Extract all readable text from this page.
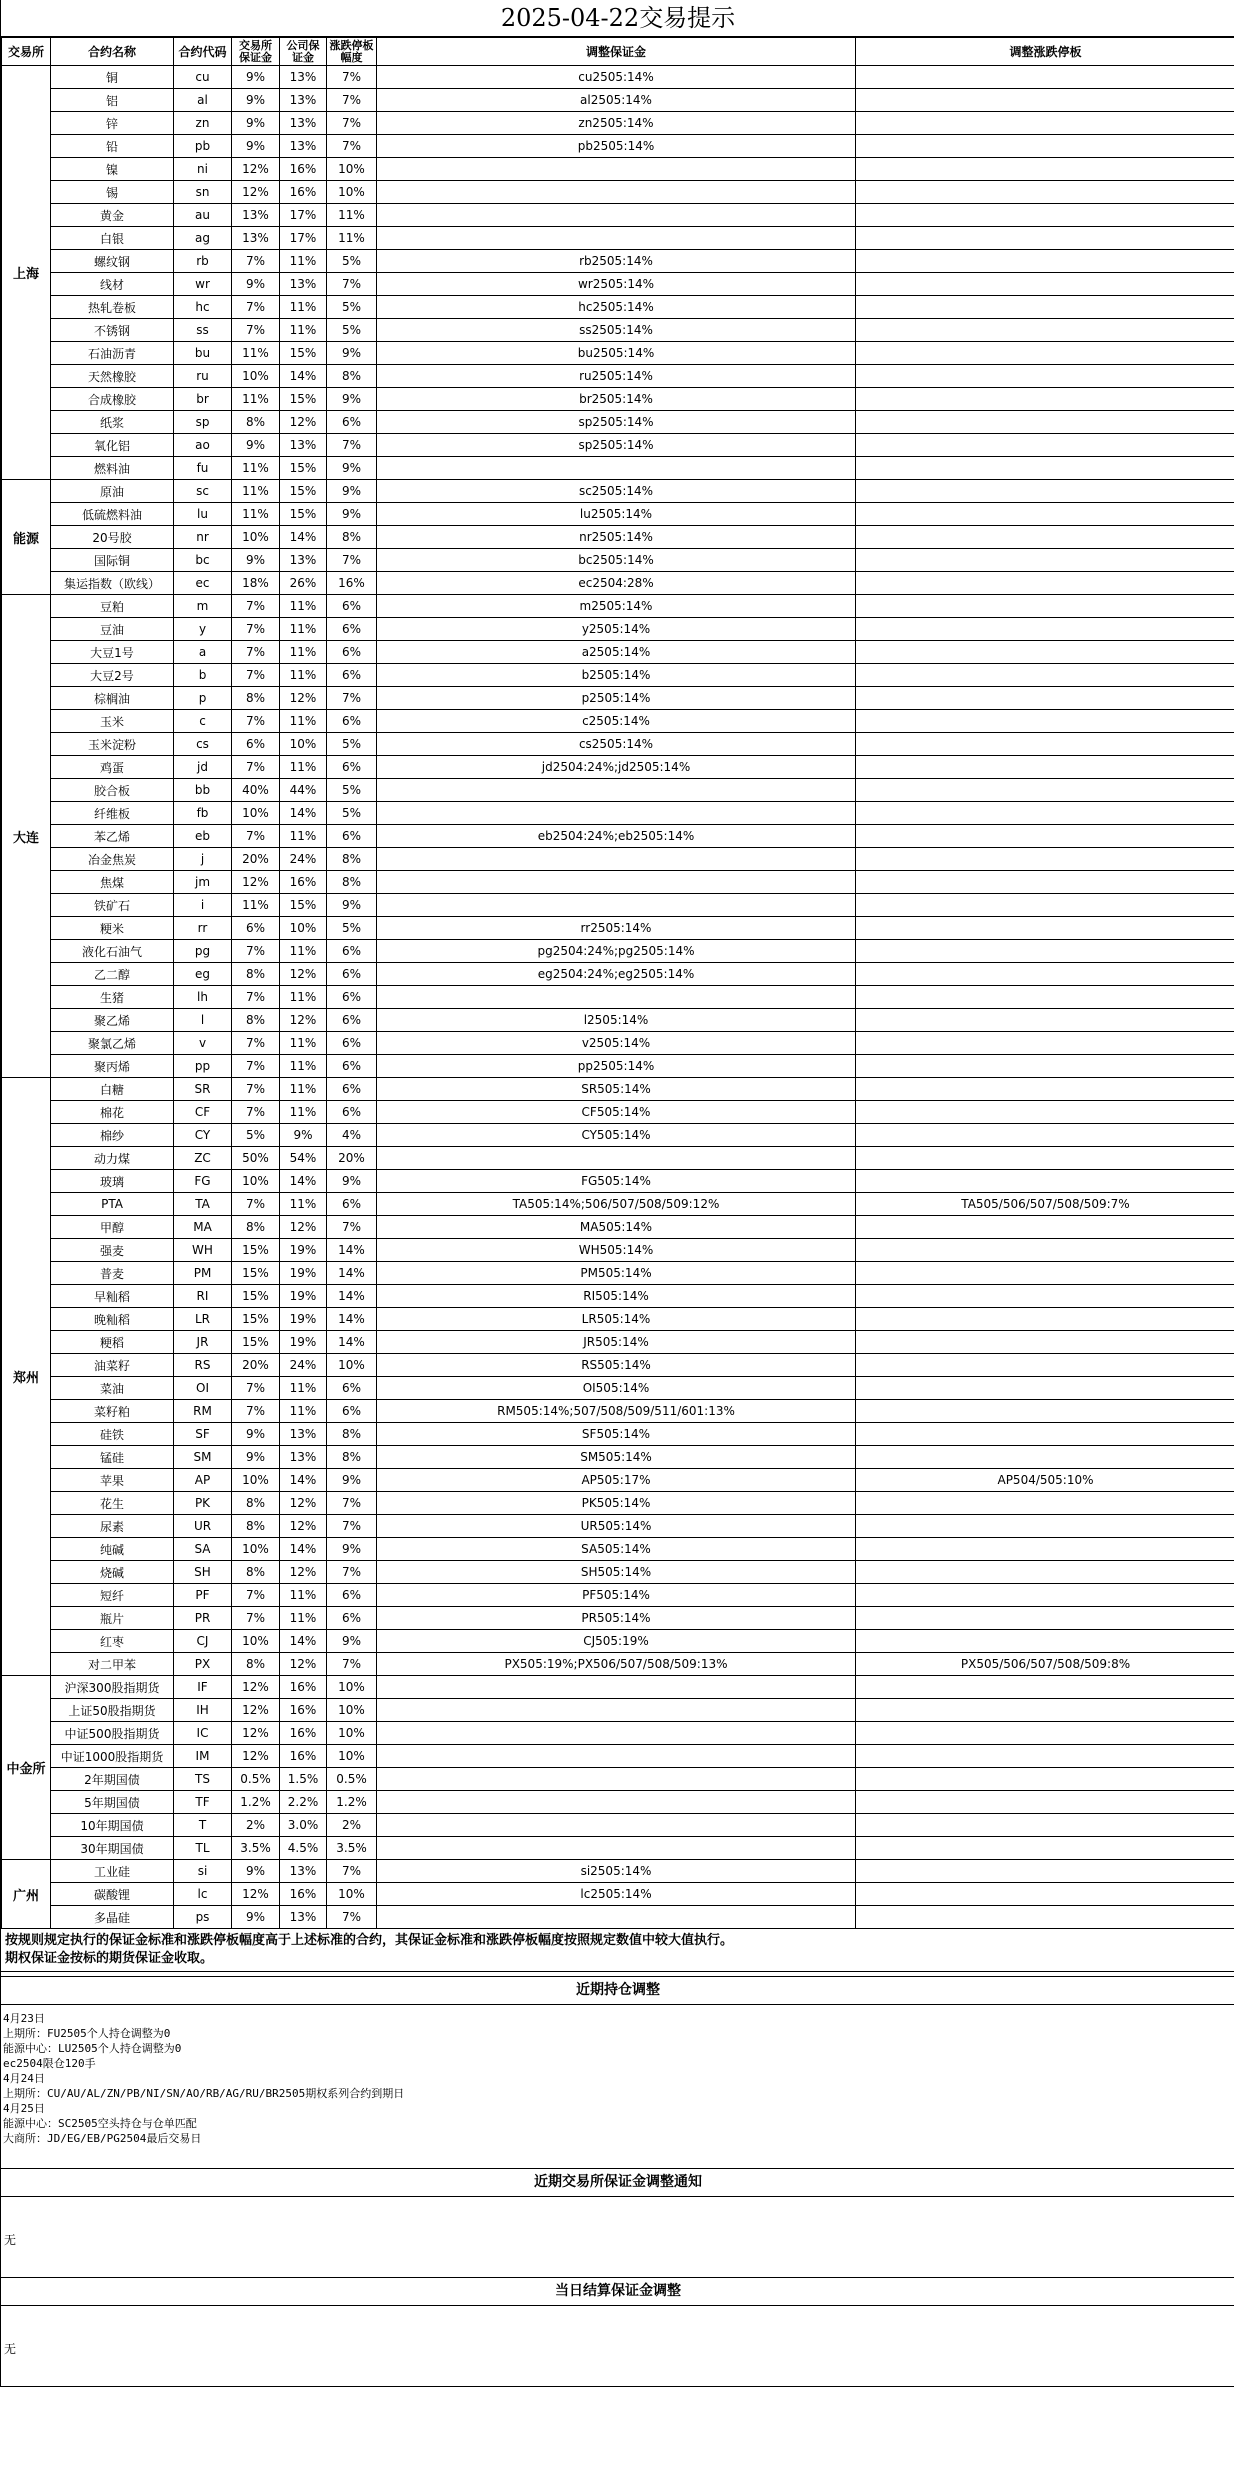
2025-04-22交易提示
交易所	合约名称	合约代码	交易所保证金	公司保证金	涨跌停板幅度	调整保证金	调整涨跌停板
上海	铜	cu	9%	13%	7%	cu2505:14%	
	铝	al	9%	13%	7%	al2505:14%	
	锌	zn	9%	13%	7%	zn2505:14%	
	铅	pb	9%	13%	7%	pb2505:14%	
	镍	ni	12%	16%	10%		
	锡	sn	12%	16%	10%		
	黄金	au	13%	17%	11%		
	白银	ag	13%	17%	11%		
	螺纹钢	rb	7%	11%	5%	rb2505:14%	
	线材	wr	9%	13%	7%	wr2505:14%	
	热轧卷板	hc	7%	11%	5%	hc2505:14%	
	不锈钢	ss	7%	11%	5%	ss2505:14%	
	石油沥青	bu	11%	15%	9%	bu2505:14%	
	天然橡胶	ru	10%	14%	8%	ru2505:14%	
	合成橡胶	br	11%	15%	9%	br2505:14%	
	纸浆	sp	8%	12%	6%	sp2505:14%	
	氧化铝	ao	9%	13%	7%	sp2505:14%	
	燃料油	fu	11%	15%	9%		
能源	原油	sc	11%	15%	9%	sc2505:14%	
	低硫燃料油	lu	11%	15%	9%	lu2505:14%	
	20号胶	nr	10%	14%	8%	nr2505:14%	
	国际铜	bc	9%	13%	7%	bc2505:14%	
	集运指数（欧线）	ec	18%	26%	16%	ec2504:28%	
大连	豆粕	m	7%	11%	6%	m2505:14%	
	豆油	y	7%	11%	6%	y2505:14%	
	大豆1号	a	7%	11%	6%	a2505:14%	
	大豆2号	b	7%	11%	6%	b2505:14%	
	棕榈油	p	8%	12%	7%	p2505:14%	
	玉米	c	7%	11%	6%	c2505:14%	
	玉米淀粉	cs	6%	10%	5%	cs2505:14%	
	鸡蛋	jd	7%	11%	6%	jd2504:24%;jd2505:14%	
	胶合板	bb	40%	44%	5%		
	纤维板	fb	10%	14%	5%		
	苯乙烯	eb	7%	11%	6%	eb2504:24%;eb2505:14%	
	冶金焦炭	j	20%	24%	8%		
	焦煤	jm	12%	16%	8%		
	铁矿石	i	11%	15%	9%		
	粳米	rr	6%	10%	5%	rr2505:14%	
	液化石油气	pg	7%	11%	6%	pg2504:24%;pg2505:14%	
	乙二醇	eg	8%	12%	6%	eg2504:24%;eg2505:14%	
	生猪	lh	7%	11%	6%		
	聚乙烯	l	8%	12%	6%	l2505:14%	
	聚氯乙烯	v	7%	11%	6%	v2505:14%	
	聚丙烯	pp	7%	11%	6%	pp2505:14%	
郑州	白糖	SR	7%	11%	6%	SR505:14%	
	棉花	CF	7%	11%	6%	CF505:14%	
	棉纱	CY	5%	9%	4%	CY505:14%	
	动力煤	ZC	50%	54%	20%		
	玻璃	FG	10%	14%	9%	FG505:14%	
	PTA	TA	7%	11%	6%	TA505:14%;506/507/508/509:12%	TA505/506/507/508/509:7%
	甲醇	MA	8%	12%	7%	MA505:14%	
	强麦	WH	15%	19%	14%	WH505:14%	
	普麦	PM	15%	19%	14%	PM505:14%	
	早籼稻	RI	15%	19%	14%	RI505:14%	
	晚籼稻	LR	15%	19%	14%	LR505:14%	
	粳稻	JR	15%	19%	14%	JR505:14%	
	油菜籽	RS	20%	24%	10%	RS505:14%	
	菜油	OI	7%	11%	6%	OI505:14%	
	菜籽粕	RM	7%	11%	6%	RM505:14%;507/508/509/511/601:13%	
	硅铁	SF	9%	13%	8%	SF505:14%	
	锰硅	SM	9%	13%	8%	SM505:14%	
	苹果	AP	10%	14%	9%	AP505:17%	AP504/505:10%
	花生	PK	8%	12%	7%	PK505:14%	
	尿素	UR	8%	12%	7%	UR505:14%	
	纯碱	SA	10%	14%	9%	SA505:14%	
	烧碱	SH	8%	12%	7%	SH505:14%	
	短纤	PF	7%	11%	6%	PF505:14%	
	瓶片	PR	7%	11%	6%	PR505:14%	
	红枣	CJ	10%	14%	9%	CJ505:19%	
	对二甲苯	PX	8%	12%	7%	PX505:19%;PX506/507/508/509:13%	PX505/506/507/508/509:8%
中金所	沪深300股指期货	IF	12%	16%	10%		
	上证50股指期货	IH	12%	16%	10%		
	中证500股指期货	IC	12%	16%	10%		
	中证1000股指期货	IM	12%	16%	10%		
	2年期国债	TS	0.5%	1.5%	0.5%		
	5年期国债	TF	1.2%	2.2%	1.2%		
	10年期国债	T	2%	3.0%	2%		
	30年期国债	TL	3.5%	4.5%	3.5%		
广州	工业硅	si	9%	13%	7%	si2505:14%	
	碳酸锂	lc	12%	16%	10%	lc2505:14%	
	多晶硅	ps	9%	13%	7%		
按规则规定执行的保证金标准和涨跌停板幅度高于上述标准的合约，其保证金标准和涨跌停板幅度按照规定数值中较大值执行。
期权保证金按标的期货保证金收取。
近期持仓调整
4月23日
上期所：FU2505个人持仓调整为0
能源中心：LU2505个人持仓调整为0
ec2504限仓120手
4月24日
上期所：CU/AU/AL/ZN/PB/NI/SN/AO/RB/AG/RU/BR2505期权系列合约到期日
4月25日
能源中心：SC2505空头持仓与仓单匹配
大商所：JD/EG/EB/PG2504最后交易日
近期交易所保证金调整通知
无
当日结算保证金调整
无
